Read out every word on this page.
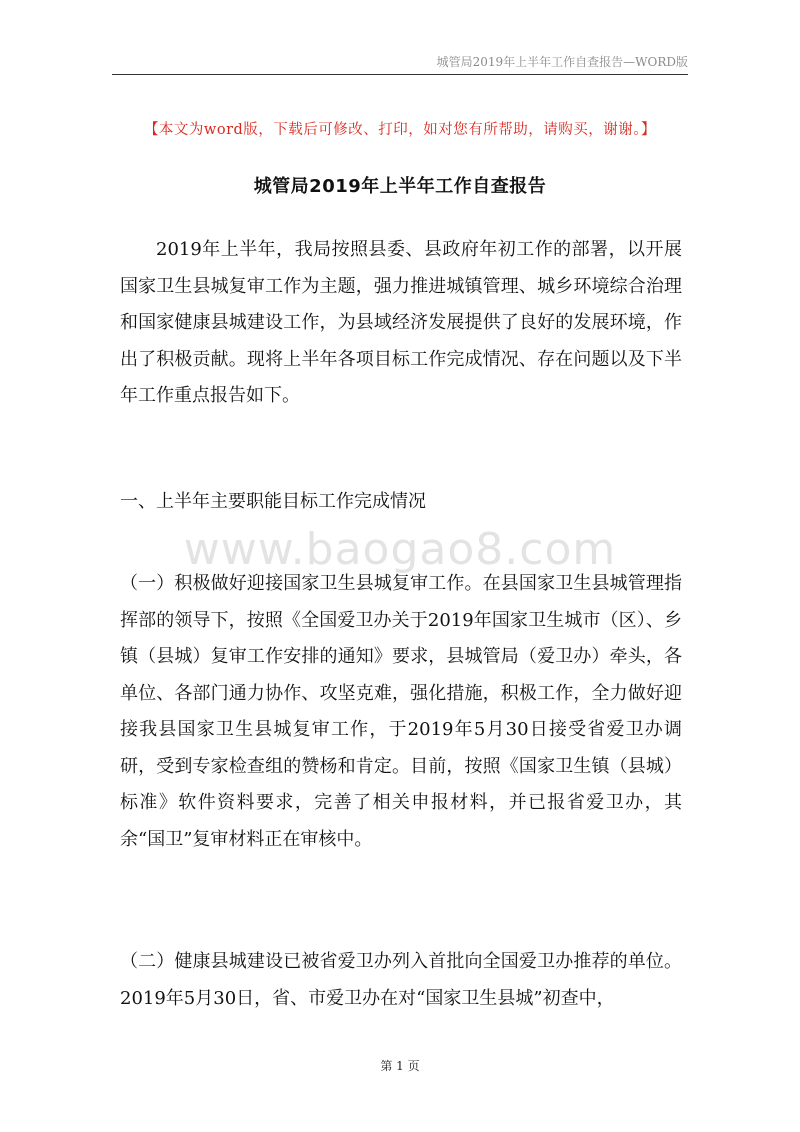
城管局2019年上半年工作自查报告—WORD版
【本文为word版，下载后可修改、打印，如对您有所帮助，请购买，谢谢。】
城管局2019年上半年工作自查报告

2019年上半年，我局按照县委、县政府年初工作的部署，以开展国家卫生县城复审工作为主题，强力推进城镇管理、城乡环境综合治理和国家健康县城建设工作，为县域经济发展提供了良好的发展环境，作出了积极贡献。现将上半年各项目标工作完成情况、存在问题以及下半年工作重点报告如下。

一、上半年主要职能目标工作完成情况

www.baogao8.com

（一）积极做好迎接国家卫生县城复审工作。在县国家卫生县城管理指挥部的领导下，按照《全国爱卫办关于2019年国家卫生城市（区）、乡镇（县城）复审工作安排的通知》要求，县城管局（爱卫办）牵头，各单位、各部门通力协作、攻坚克难，强化措施，积极工作，全力做好迎接我县国家卫生县城复审工作，于2019年5月30日接受省爱卫办调研，受到专家检查组的赞杨和肯定。目前，按照《国家卫生镇（县城）标准》软件资料要求，完善了相关申报材料，并已报省爱卫办，其余“国卫”复审材料正在审核中。

（二）健康县城建设已被省爱卫办列入首批向全国爱卫办推荐的单位。2019年5月30日，省、市爱卫办在对“国家卫生县城”初查中，

第 1 页
